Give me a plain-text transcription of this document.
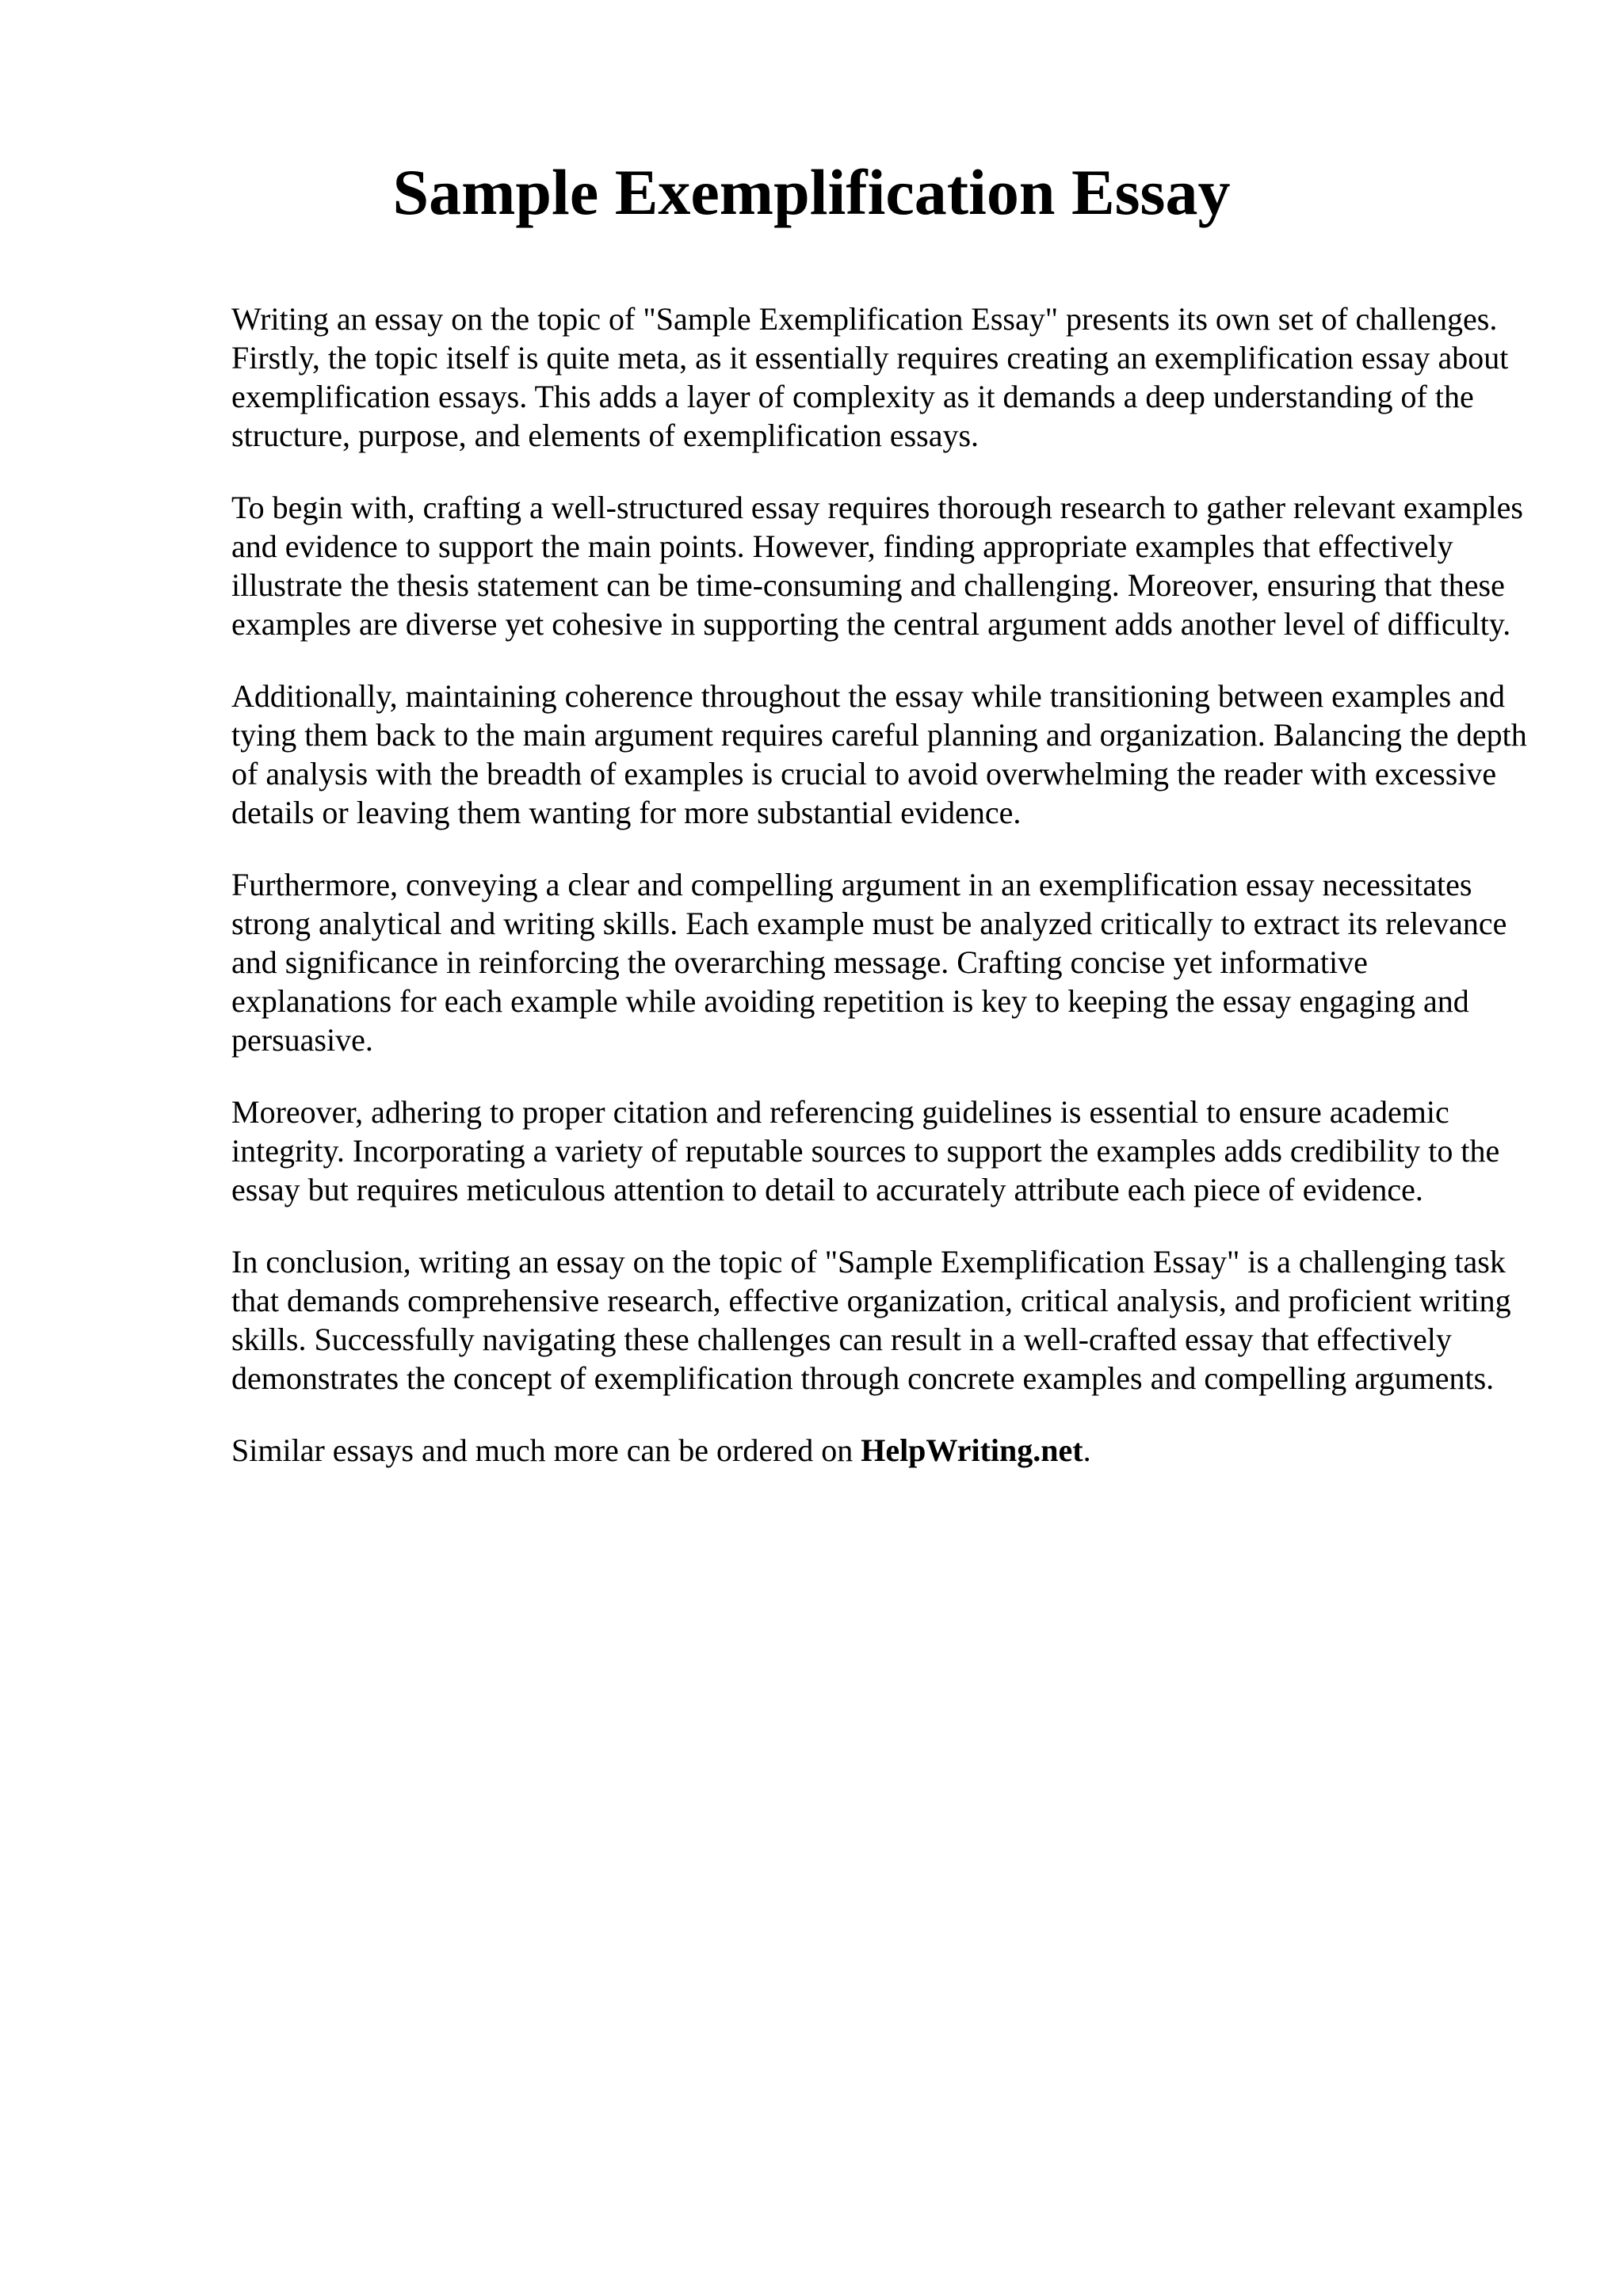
Sample Exemplification Essay

Writing an essay on the topic of "Sample Exemplification Essay" presents its own set of challenges. Firstly, the topic itself is quite meta, as it essentially requires creating an exemplification essay about exemplification essays. This adds a layer of complexity as it demands a deep understanding of the structure, purpose, and elements of exemplification essays.

To begin with, crafting a well-structured essay requires thorough research to gather relevant examples and evidence to support the main points. However, finding appropriate examples that effectively illustrate the thesis statement can be time-consuming and challenging. Moreover, ensuring that these examples are diverse yet cohesive in supporting the central argument adds another level of difficulty.

Additionally, maintaining coherence throughout the essay while transitioning between examples and tying them back to the main argument requires careful planning and organization. Balancing the depth of analysis with the breadth of examples is crucial to avoid overwhelming the reader with excessive details or leaving them wanting for more substantial evidence.

Furthermore, conveying a clear and compelling argument in an exemplification essay necessitates strong analytical and writing skills. Each example must be analyzed critically to extract its relevance and significance in reinforcing the overarching message. Crafting concise yet informative explanations for each example while avoiding repetition is key to keeping the essay engaging and persuasive.

Moreover, adhering to proper citation and referencing guidelines is essential to ensure academic integrity. Incorporating a variety of reputable sources to support the examples adds credibility to the essay but requires meticulous attention to detail to accurately attribute each piece of evidence.

In conclusion, writing an essay on the topic of "Sample Exemplification Essay" is a challenging task that demands comprehensive research, effective organization, critical analysis, and proficient writing skills. Successfully navigating these challenges can result in a well-crafted essay that effectively demonstrates the concept of exemplification through concrete examples and compelling arguments.

Similar essays and much more can be ordered on HelpWriting.net.
